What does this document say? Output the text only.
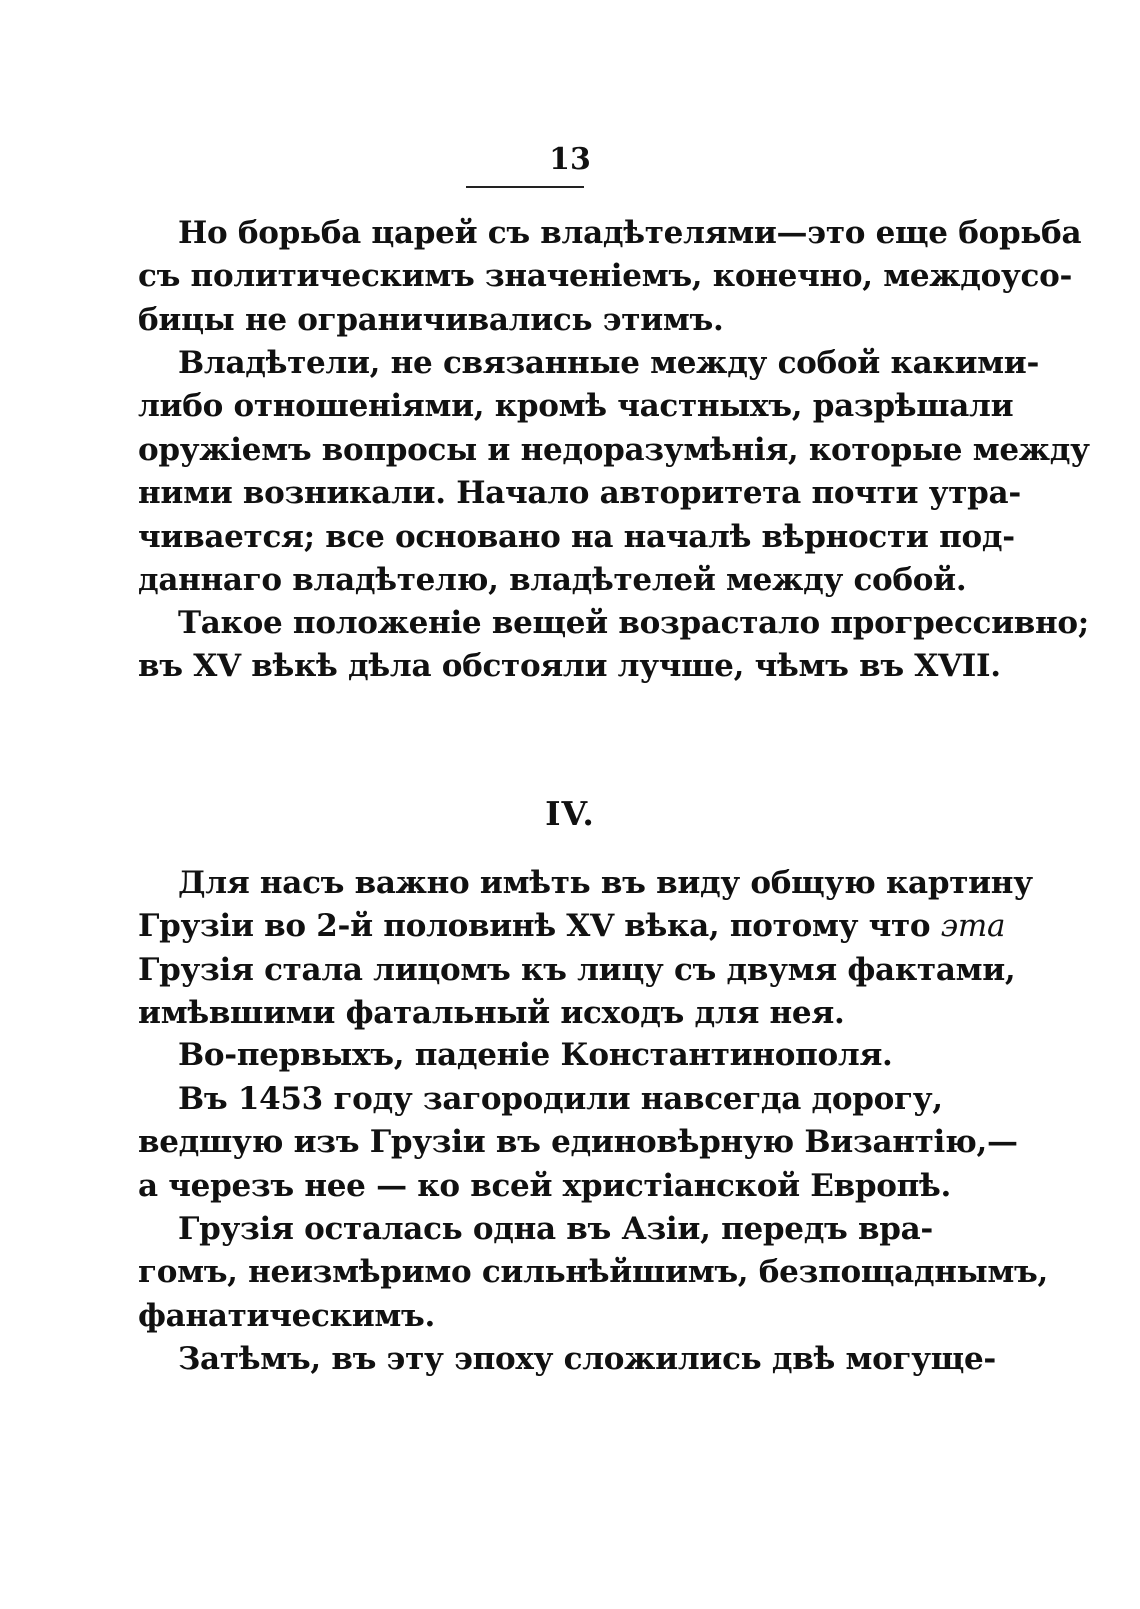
13

Но борьба царей съ владѣтелями—это еще борьба
съ политическимъ значеніемъ, конечно, междоусо-
бицы не ограничивались этимъ.

Владѣтели, не связанные между собой какими-
либо отношеніями, кромѣ частныхъ, разрѣшали
оружіемъ вопросы и недоразумѣнія, которые между
ними возникали. Начало авторитета почти утра-
чивается; все основано на началѣ вѣрности под-
даннаго владѣтелю, владѣтелей между собой.

Такое положеніе вещей возрастало прогрессивно;
въ XV вѣкѣ дѣла обстояли лучше, чѣмъ въ XVII.

IV.

Для насъ важно имѣть въ виду общую картину
Грузіи во 2-й половинѣ XV вѣка, потому что эта
Грузія стала лицомъ къ лицу съ двумя фактами,
имѣвшими фатальный исходъ для нея.

Во-первыхъ, паденіе Константинополя.

Въ 1453 году загородили навсегда дорогу,
ведшую изъ Грузіи въ единовѣрную Византію,—
а черезъ нее — ко всей христіанской Европѣ.

Грузія осталась одна въ Азіи, передъ вра-
гомъ, неизмѣримо сильнѣйшимъ, безпощаднымъ,
фанатическимъ.

Затѣмъ, въ эту эпоху сложились двѣ могуще-
